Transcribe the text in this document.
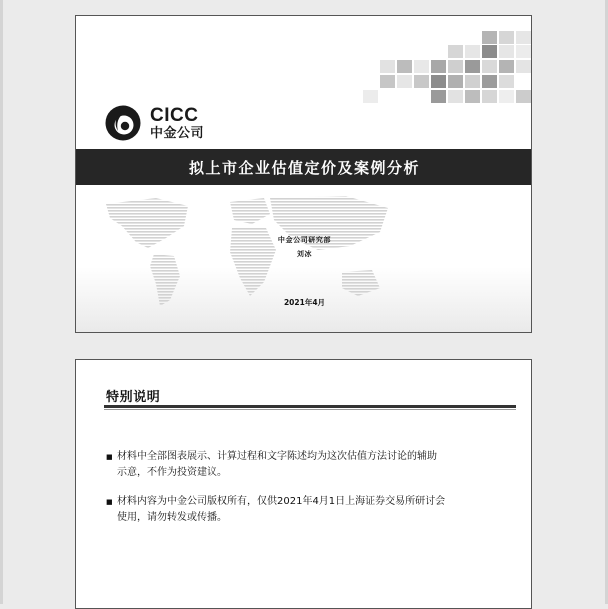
CICC
中金公司
拟上市企业估值定价及案例分析
中金公司研究部
刘冰
2021年4月
特别说明
■ 材料中全部图表展示、计算过程和文字陈述均为这次估值方法讨论的辅助
示意，不作为投资建议。
■ 材料内容为中金公司版权所有，仅供2021年4月1日上海证券交易所研讨会
使用，请勿转发或传播。
